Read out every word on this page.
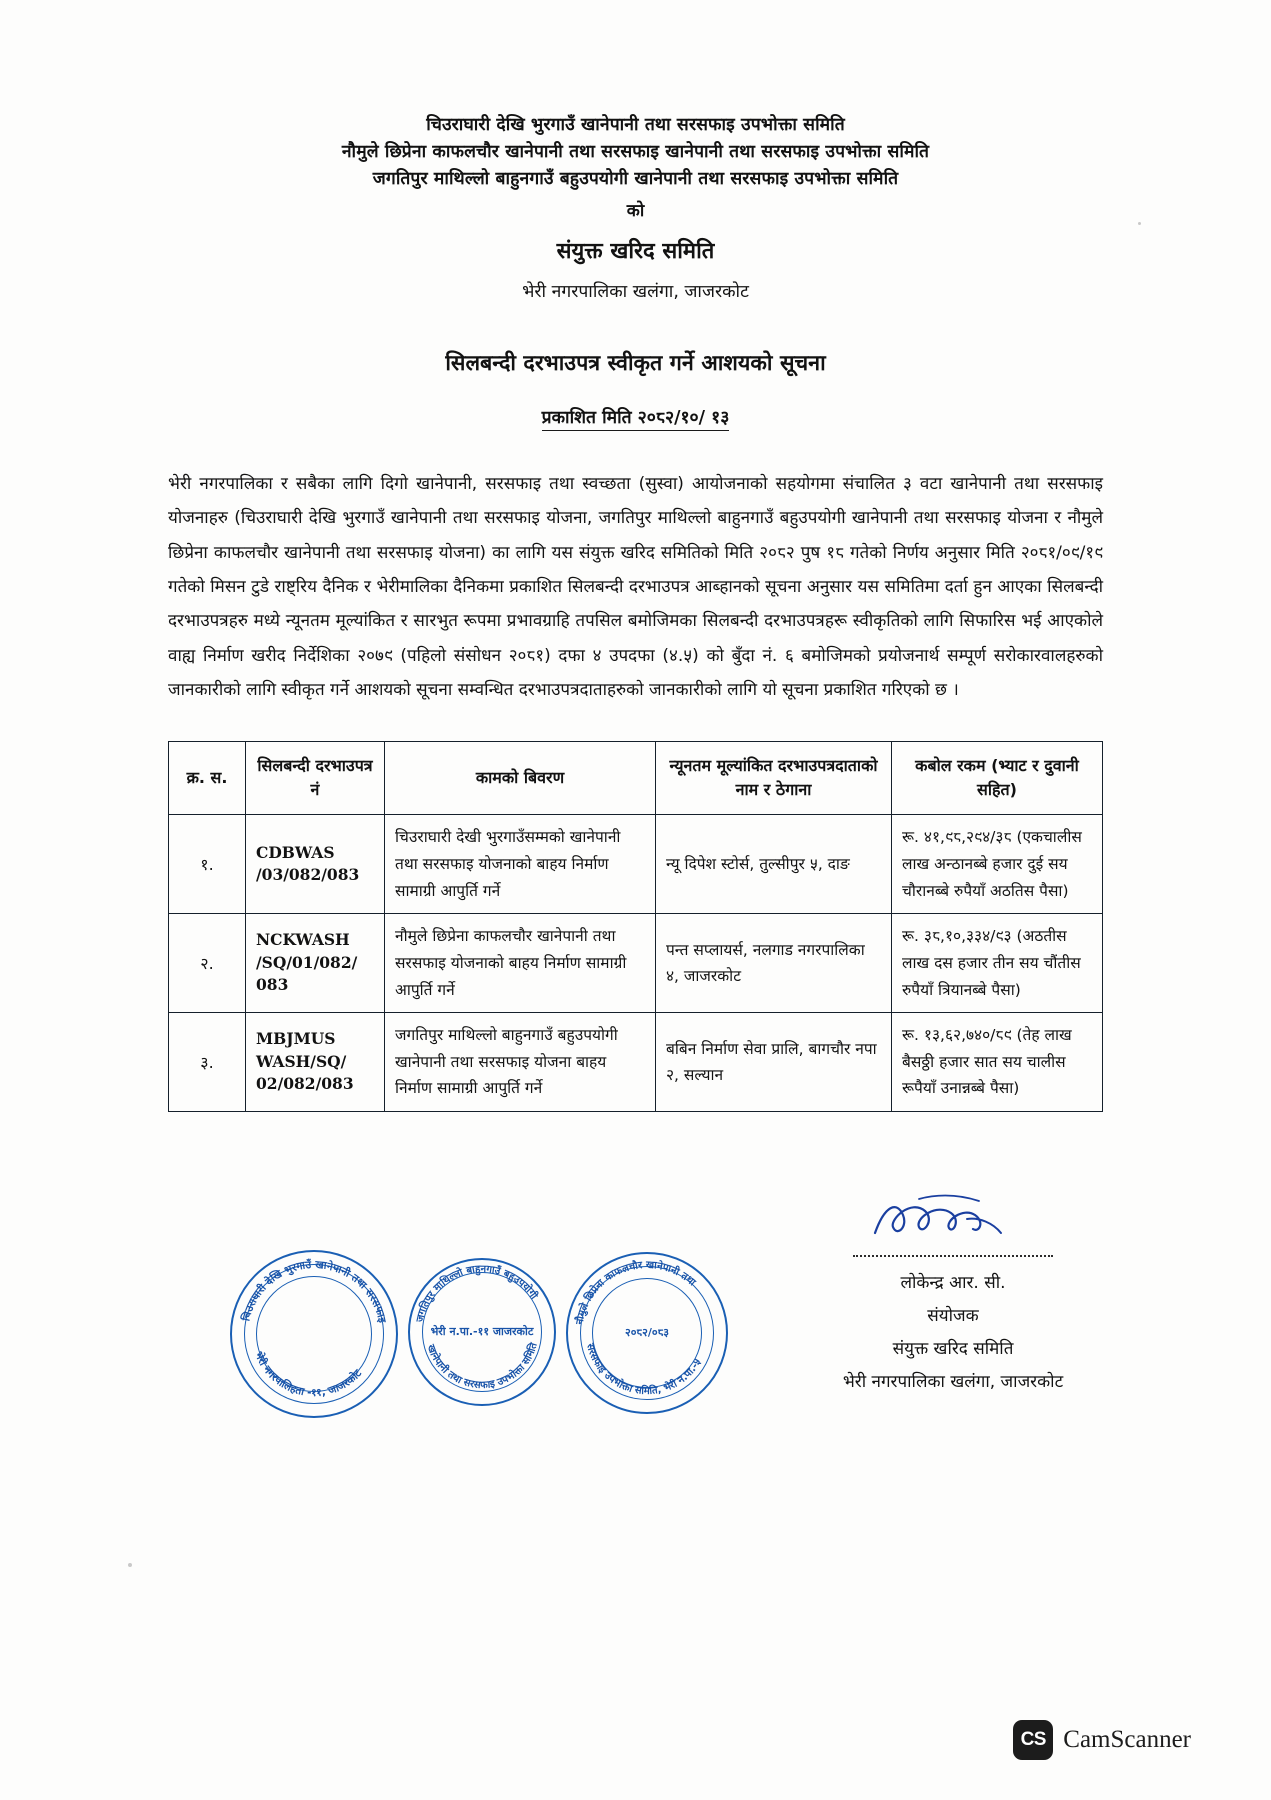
चिउराघारी देखि भुरगाउँ खानेपानी तथा सरसफाइ उपभोक्ता समिति
नौमुले छिप्रेना काफलचौर खानेपानी तथा सरसफाइ खानेपानी तथा सरसफाइ उपभोक्ता समिति
जगतिपुर माथिल्लो बाहुनगाउँ बहुउपयोगी खानेपानी तथा सरसफाइ उपभोक्ता समिति
को
संयुक्त खरिद समिति
भेरी नगरपालिका खलंगा, जाजरकोट
सिलबन्दी दरभाउपत्र स्वीकृत गर्ने आशयको सूचना
प्रकाशित मिति २०८२/१०/ १३
भेरी नगरपालिका र सबैका लागि दिगो खानेपानी, सरसफाइ तथा स्वच्छता (सुस्वा) आयोजनाको सहयोगमा संचालित ३ वटा खानेपानी तथा सरसफाइ योजनाहरु (चिउराघारी देखि भुरगाउँ खानेपानी तथा सरसफाइ योजना, जगतिपुर माथिल्लो बाहुनगाउँ बहुउपयोगी खानेपानी तथा सरसफाइ योजना र नौमुले छिप्रेना काफलचौर खानेपानी तथा सरसफाइ योजना) का लागि यस संयुक्त खरिद समितिको मिति २०८२ पुष १८ गतेको निर्णय अनुसार मिति २०८१/०९/१९ गतेको मिसन टुडे राष्ट्रिय दैनिक र भेरीमालिका दैनिकमा प्रकाशित सिलबन्दी दरभाउपत्र आब्हानको सूचना अनुसार यस समितिमा दर्ता हुन आएका सिलबन्दी दरभाउपत्रहरु मध्ये न्यूनतम मूल्यांकित र सारभुत रूपमा प्रभावग्राहि तपसिल बमोजिमका सिलबन्दी दरभाउपत्रहरू स्वीकृतिको लागि सिफारिस भई आएकोले वाह्य निर्माण खरीद निर्देशिका २०७९ (पहिलो संसोधन २०८१) दफा ४ उपदफा (४.५) को बुँदा नं. ६ बमोजिमको प्रयोजनार्थ सम्पूर्ण सरोकारवालहरुको जानकारीको लागि स्वीकृत गर्ने आशयको सूचना सम्वन्धित दरभाउपत्रदाताहरुको जानकारीको लागि यो सूचना प्रकाशित गरिएको छ ।
क्र. स.	सिलबन्दी दरभाउपत्र नं	कामको बिवरण	न्यूनतम मूल्यांकित दरभाउपत्रदाताको नाम र ठेगाना	कबोल रकम (भ्याट र दुवानी सहित)
१.	CDBWAS /03/082/083	चिउराघारी देखी भुरगाउँसम्मको खानेपानी तथा सरसफाइ योजनाको बाहय निर्माण सामाग्री आपुर्ति गर्ने	न्यू दिपेश स्टोर्स, तुल्सीपुर ५, दाङ	रू. ४१,९८,२९४/३८ (एकचालीस लाख अन्ठानब्बे हजार दुई सय चौरानब्बे रुपैयाँ अठतिस पैसा)
२.	NCKWASH /SQ/01/082/ 083	नौमुले छिप्रेना काफलचौर खानेपानी तथा सरसफाइ योजनाको बाहय निर्माण सामाग्री आपुर्ति गर्ने	पन्त सप्लायर्स, नलगाड नगरपालिका ४, जाजरकोट	रू. ३८,१०,३३४/९३ (अठतीस लाख दस हजार तीन सय चौंतीस रुपैयाँ त्रियानब्बे पैसा)
३.	MBJMUS WASH/SQ/ 02/082/083	जगतिपुर माथिल्लो बाहुनगाउँ बहुउपयोगी खानेपानी तथा सरसफाइ योजना बाहय निर्माण सामाग्री आपुर्ति गर्ने	बबिन निर्माण सेवा प्रालि, बागचौर नपा २, सल्यान	रू. १३,६२,७४०/८९ (तेह लाख बैसठ्ठी हजार सात सय चालीस रूपैयाँ उनान्नब्बे पैसा)
लोकेन्द्र आर. सी.
संयोजक
संयुक्त खरिद समिति
भेरी नगरपालिका खलंगा, जाजरकोट
चिउराघारी देखि भुरगाउँ खानेपानी तथा सरसफाइ
भेरी नगरपालिहता -११, जाजरकोट
भेरी न.पा.-११ जाजरकोट
जगतिपुर माथिल्लो बाहुनगाउँ बहुउपयोगी
खानेपानी तथा सरसफाइ उपभोक्ता समिति
२०८२/०८३
नौमुले छिप्रेना काफलचौर खानेपानी तथा
सरसफाइ उपभोक्ता समिति, भेरी न.पा.-५
CS CamScanner
